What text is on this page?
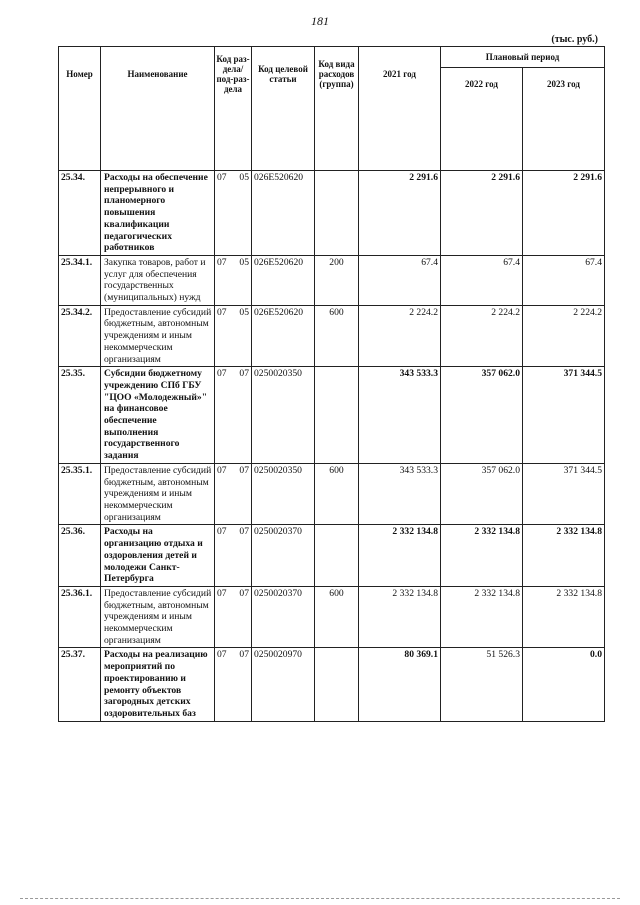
181
(тыс. руб.)
Номер	Наименование	Код раз-дела/ под-раз-дела	Код целевой статьи	Код вида расходов (группа)	2021 год	Плановый период	
						2022 год	2023 год

25.34.	Расходы на обеспечение непрерывного и планомерного повышения квалификации педагогических работников	07 05	026Е520620		2 291.6	2 291.6	2 291.6
25.34.1.	Закупка товаров, работ и услуг для обеспечения государственных (муниципальных) нужд	07 05	026Е520620	200	67.4	67.4	67.4
25.34.2.	Предоставление субсидий бюджетным, автономным учреждениям и иным некоммерческим организациям	07 05	026Е520620	600	2 224.2	2 224.2	2 224.2
25.35.	Субсидии бюджетному учреждению СПб ГБУ "ЦОО «Молодежный»" на финансовое обеспечение выполнения государственного задания	07 07	0250020350		343 533.3	357 062.0	371 344.5
25.35.1.	Предоставление субсидий бюджетным, автономным учреждениям и иным некоммерческим организациям	07 07	0250020350	600	343 533.3	357 062.0	371 344.5
25.36.	Расходы на организацию отдыха и оздоровления детей и молодежи Санкт-Петербурга	07 07	0250020370		2 332 134.8	2 332 134.8	2 332 134.8
25.36.1.	Предоставление субсидий бюджетным, автономным учреждениям и иным некоммерческим организациям	07 07	0250020370	600	2 332 134.8	2 332 134.8	2 332 134.8
25.37.	Расходы на реализацию мероприятий по проектированию и ремонту объектов загородных детских оздоровительных баз	07 07	0250020970		80 369.1	51 526.3	0.0
